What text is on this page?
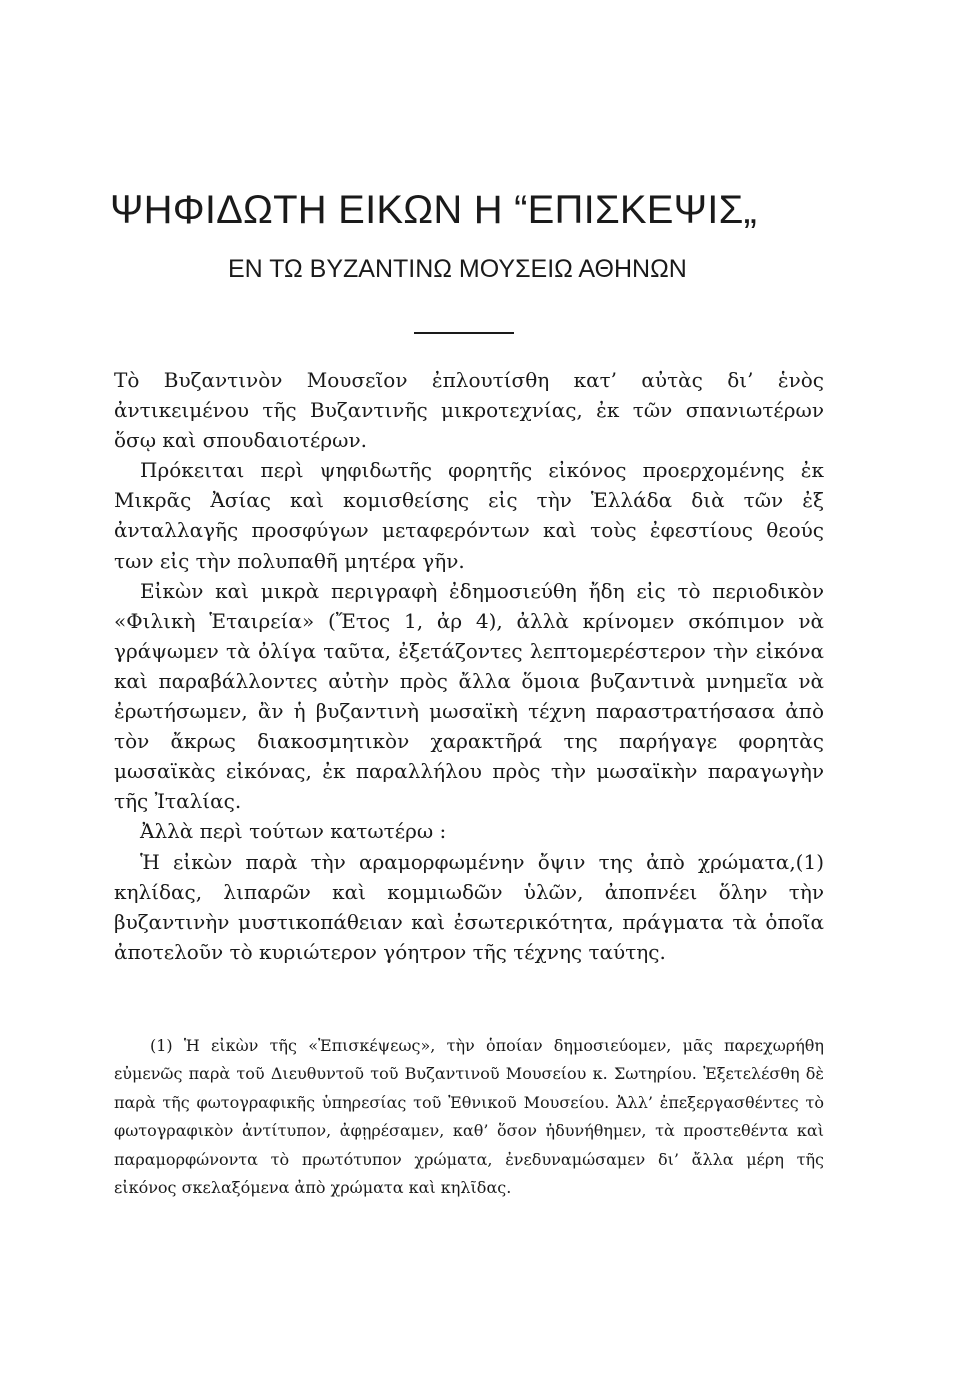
ΨΗΦΙΔΩΤΗ ΕΙΚΩΝ Η “ΕΠΙΣΚΕΨΙΣ„
ΕΝ ΤΩ ΒΥΖΑΝΤΙΝΩ ΜΟΥΣΕΙΩ ΑΘΗΝΩΝ

Τὸ Βυζαντινὸν Μουσεῖον ἐπλουτίσθη κατ’ αὐτὰς δι’ ἑνὸς ἀντικειμένου τῆς Βυζαντινῆς μικροτεχνίας, ἐκ τῶν σπανιωτέρων ὅσῳ καὶ σπουδαιοτέρων.

Πρόκειται περὶ ψηφιδωτῆς φορητῆς εἰκόνος προερχομένης ἐκ Μικρᾶς Ἀσίας καὶ κομισθείσης εἰς τὴν Ἑλλάδα διὰ τῶν ἐξ ἀνταλλαγῆς προσφύγων μεταφερόντων καὶ τοὺς ἐφεστίους θεούς των εἰς τὴν πολυπαθῆ μητέρα γῆν.

Εἰκὼν καὶ μικρὰ περιγραφὴ ἐδημοσιεύθη ἤδη εἰς τὸ περιοδικὸν «Φιλικὴ Ἑταιρεία» (Ἔτος 1, ἀρ 4), ἀλλὰ κρίνομεν σκόπιμον νὰ γράψωμεν τὰ ὀλίγα ταῦτα, ἐξετάζοντες λεπτομερέστερον τὴν εἰκόνα καὶ παραβάλλοντες αὐτὴν πρὸς ἄλλα ὅμοια βυζαντινὰ μνημεῖα νὰ ἐρωτήσωμεν, ἂν ἡ βυζαντινὴ μωσαϊκὴ τέχνη παραστρατήσασα ἀπὸ τὸν ἄκρως διακοσμητικὸν χαρακτῆρά της παρήγαγε φορητὰς μωσαϊκὰς εἰκόνας, ἐκ παραλλήλου πρὸς τὴν μωσαϊκὴν παραγωγὴν τῆς Ἰταλίας.

Ἀλλὰ περὶ τούτων κατωτέρω :

Ἡ εἰκὼν παρὰ τὴν αραμορφωμένην ὄψιν της ἀπὸ χρώματα,(1) κηλίδας, λιπαρῶν καὶ κομμιωδῶν ὑλῶν, ἀποπνέει ὅλην τὴν βυζαντινὴν μυστικοπάθειαν καὶ ἐσωτερικότητα, πράγματα τὰ ὁποῖα ἀποτελοῦν τὸ κυριώτερον γόητρον τῆς τέχνης ταύτης.

(1) Ἡ εἰκὼν τῆς «Ἐπισκέψεως», τὴν ὁποίαν δημοσιεύομεν, μᾶς παρεχωρήθη εὐμενῶς παρὰ τοῦ Διευθυντοῦ τοῦ Βυζαντινοῦ Μουσείου κ. Σωτηρίου. Ἐξετελέσθη δὲ παρὰ τῆς φωτογραφικῆς ὑπηρεσίας τοῦ Ἐθνικοῦ Μουσείου. Ἀλλ’ ἐπεξεργασθέντες τὸ φωτογραφικὸν ἀντίτυπον, ἀφῃρέσαμεν, καθ’ ὅσον ἠδυνήθημεν, τὰ προστεθέντα καὶ παραμορφώνοντα τὸ πρωτότυπον χρώματα, ἐνεδυναμώσαμεν δι’ ἄλλα μέρη τῆς εἰκόνος σκελαξόμενα ἀπὸ χρώματα καὶ κηλῖδας.
